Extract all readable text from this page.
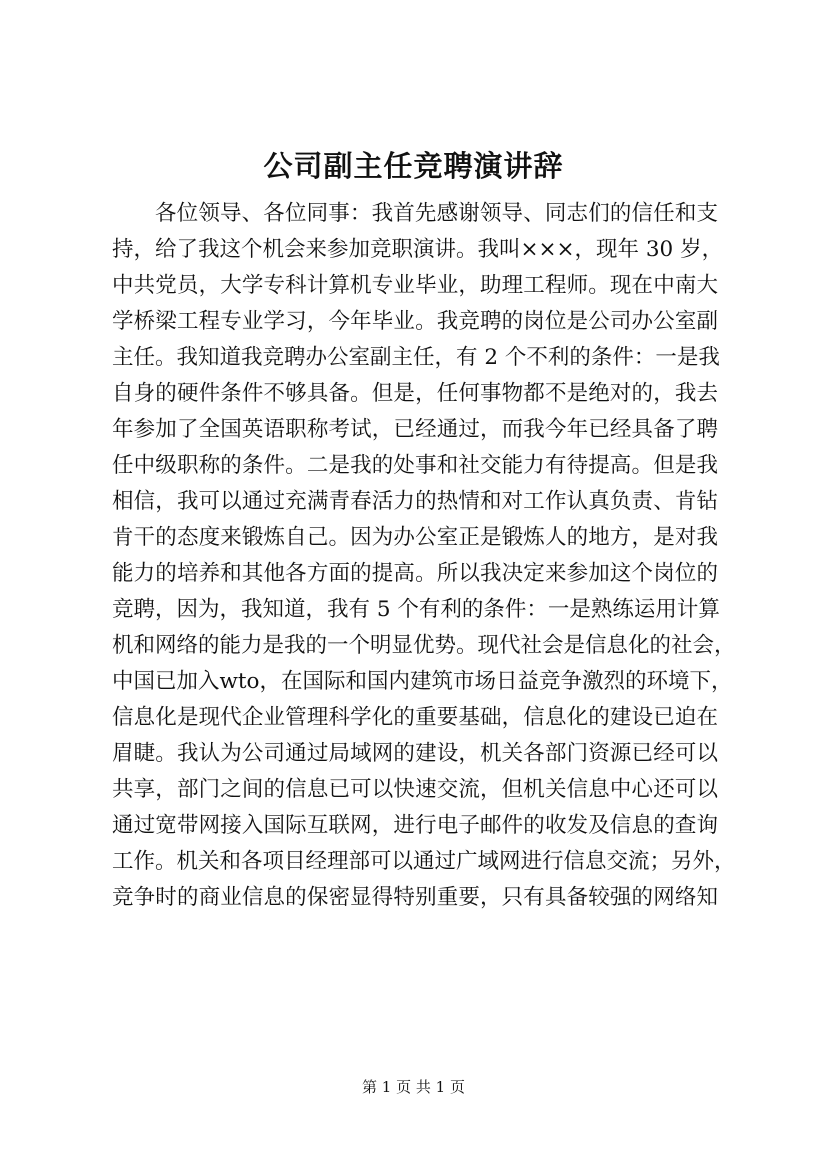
公司副主任竞聘演讲辞
各位领导、各位同事：我首先感谢领导、同志们的信任和支
持，给了我这个机会来参加竞职演讲。我叫×××，现年 30 岁，
中共党员，大学专科计算机专业毕业，助理工程师。现在中南大
学桥梁工程专业学习，今年毕业。我竞聘的岗位是公司办公室副
主任。我知道我竞聘办公室副主任，有 2 个不利的条件：一是我
自身的硬件条件不够具备。但是，任何事物都不是绝对的，我去
年参加了全国英语职称考试，已经通过，而我今年已经具备了聘
任中级职称的条件。二是我的处事和社交能力有待提高。但是我
相信，我可以通过充满青春活力的热情和对工作认真负责、肯钻
肯干的态度来锻炼自己。因为办公室正是锻炼人的地方，是对我
能力的培养和其他各方面的提高。所以我决定来参加这个岗位的
竞聘，因为，我知道，我有 5 个有利的条件：一是熟练运用计算
机和网络的能力是我的一个明显优势。现代社会是信息化的社会，
中国已加入wto，在国际和国内建筑市场日益竞争激烈的环境下，
信息化是现代企业管理科学化的重要基础，信息化的建设已迫在
眉睫。我认为公司通过局域网的建设，机关各部门资源已经可以
共享，部门之间的信息已可以快速交流，但机关信息中心还可以
通过宽带网接入国际互联网，进行电子邮件的收发及信息的查询
工作。机关和各项目经理部可以通过广域网进行信息交流；另外，
竞争时的商业信息的保密显得特别重要，只有具备较强的网络知
第 1 页 共 1 页
